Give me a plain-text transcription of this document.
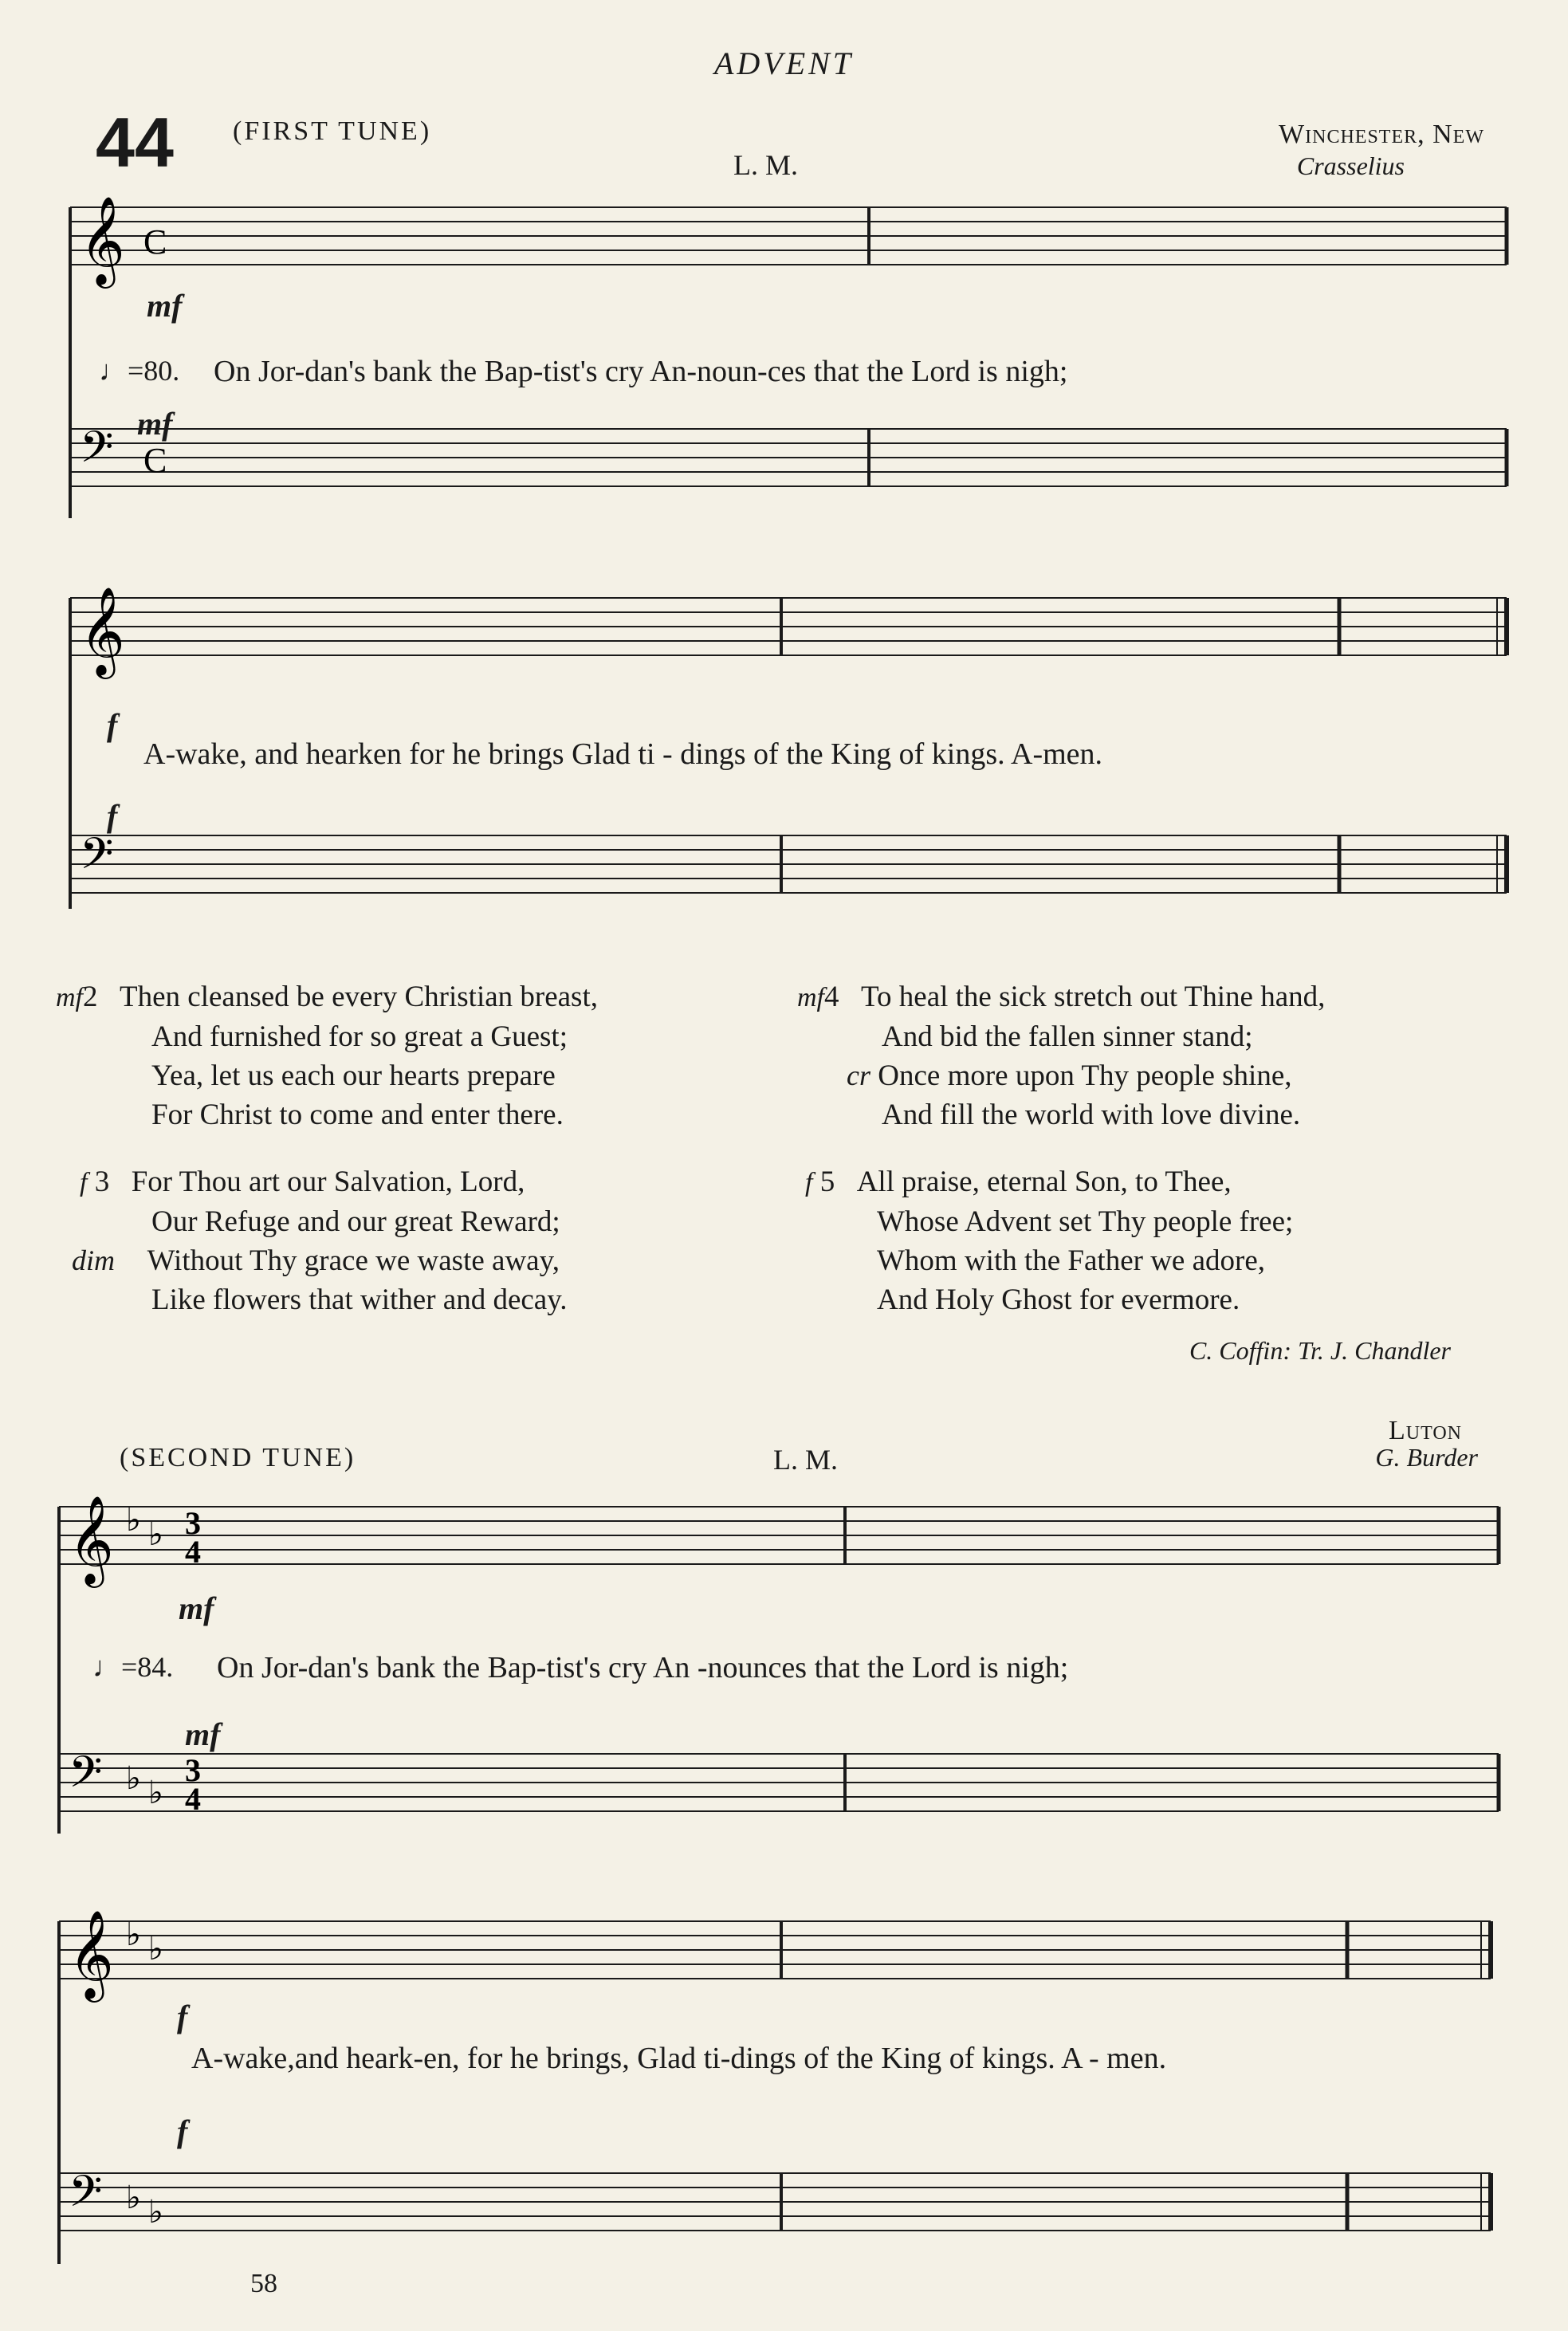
ADVENT
44 (FIRST TUNE)
L. M.
Winchester, New
Crasselius
𝄞 C
𝄢 C
mf
♩=80. On Jor-dan's bank the Bap-tist's cry An-noun-ces that the Lord is nigh;
mf
𝄞
𝄢
f
A-wake, and hearken for he brings Glad ti - dings of the King of kings. A-men.
f
mf2 Then cleansed be every Christian breast,
And furnished for so great a Guest;
Yea, let us each our hearts prepare
For Christ to come and enter there.
mf4 To heal the sick stretch out Thine hand,
And bid the fallen sinner stand;
cr Once more upon Thy people shine,
And fill the world with love divine.
f 3 For Thou art our Salvation, Lord,
Our Refuge and our great Reward;
dim Without Thy grace we waste away,
Like flowers that wither and decay.
f 5 All praise, eternal Son, to Thee,
Whose Advent set Thy people free;
Whom with the Father we adore,
And Holy Ghost for evermore.
C. Coffin: Tr. J. Chandler
(SECOND TUNE)	L. M.
Luton
G. Burder
𝄞 ♭ ♭ 3
4
𝄢 ♭ ♭
3
4
mf
♩=84. On Jor-dan's bank the Bap-tist's cry An -nounces that the Lord is nigh;
mf
𝄞 ♭ ♭
𝄢 ♭ ♭
f
A-wake,and heark-en, for he brings, Glad ti-dings of the King of kings. A - men.
f
58
